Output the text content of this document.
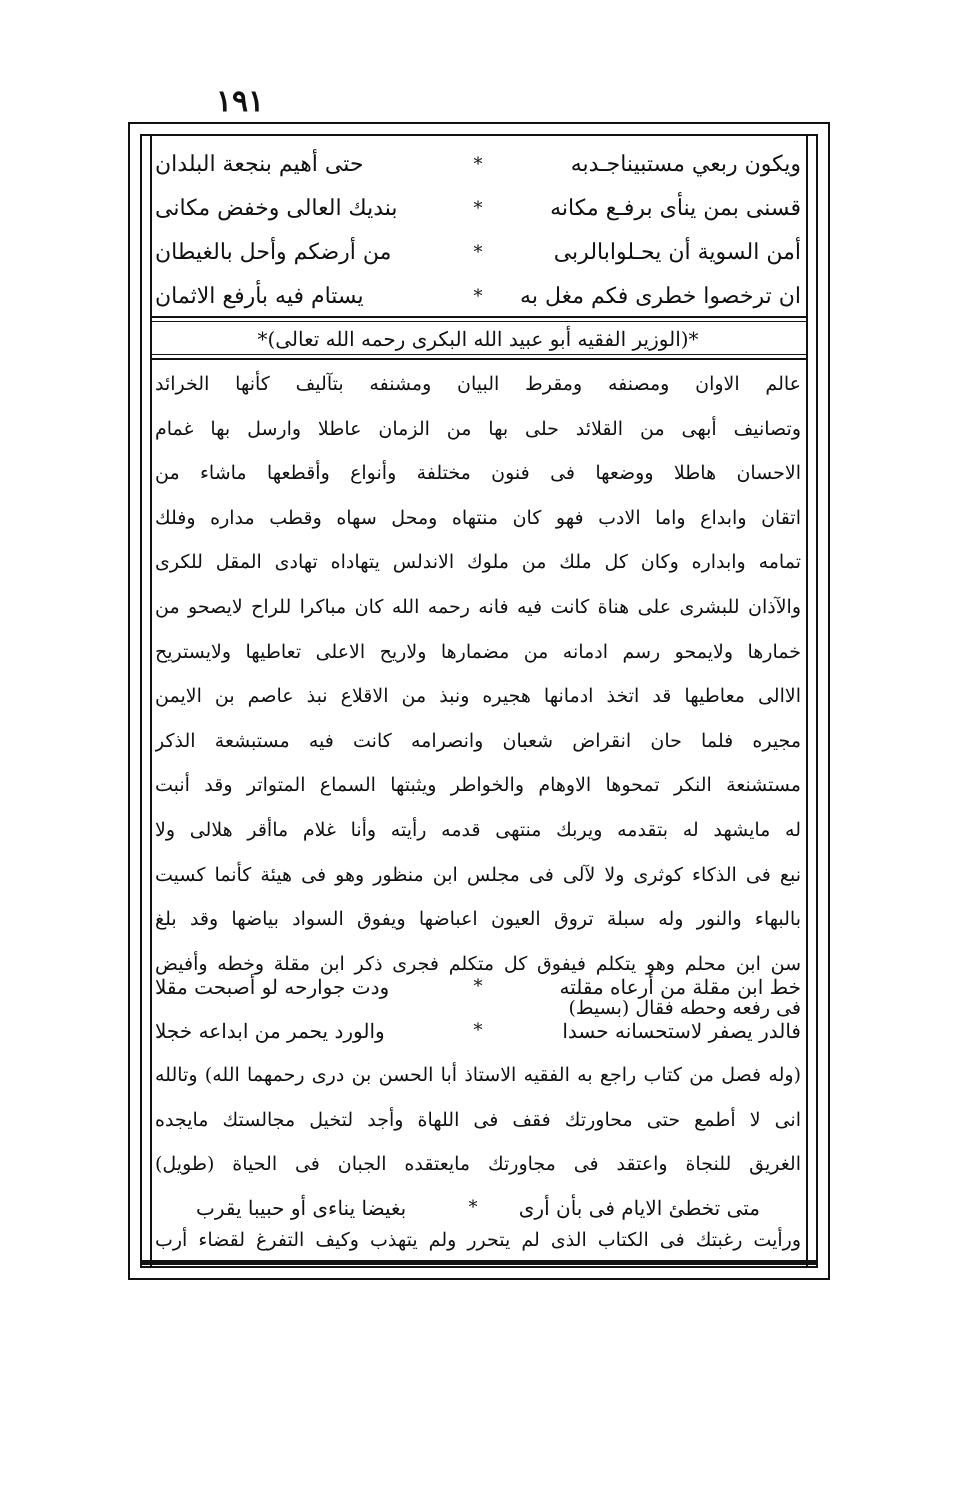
١٩١
ويكون ربعي مستبيناجـدبه
*
حتى أهيم بنجعة البلدان
قسنى بمن ينأى برفـع مكانه
*
بنديك العالى وخفض مكانى
أمن السوية أن يحـلوابالربى
*
من أرضكم وأحل بالغيطان
ان ترخصوا خطرى فكم مغل به
*
يستام فيه بأرفع الاثمان
*(الوزير الفقيه أبو عبيد الله البكرى رحمه الله تعالى)*
عالم الاوان ومصنفه ومقرط البيان ومشنفه بتآليف كأنها الخرائد
وتصانيف أبهى من القلائد حلى بها من الزمان عاطلا وارسل بها غمام
الاحسان هاطلا ووضعها فى فنون مختلفة وأنواع وأقطعها ماشاء من
اتقان وابداع واما الادب فهو كان منتهاه ومحل سهاه وقطب مداره وفلك
تمامه وابداره وكان كل ملك من ملوك الاندلس يتهاداه تهادى المقل للكرى
والآذان للبشرى على هناة كانت فيه فانه رحمه الله كان مباكرا للراح لايصحو من
خمارها ولايمحو رسم ادمانه من مضمارها ولاريح الاعلى تعاطيها ولايستريح
الاالى معاطيها قد اتخذ ادمانها هجيره ونبذ من الاقلاع نبذ عاصم بن الايمن
مجيره فلما حان انقراض شعبان وانصرامه كانت فيه مستبشعة الذكر
مستشنعة النكر تمحوها الاوهام والخواطر ويثبتها السماع المتواتر وقد أنبت
له مايشهد له بتقدمه ويربك منتهى قدمه رأيته وأنا غلام ماأقر هلالى ولا
نبع فى الذكاء كوثرى ولا لآلى فى مجلس ابن منظور وهو فى هيئة كأنما كسيت
بالبهاء والنور وله سبلة تروق العيون اعباضها ويفوق السواد بياضها وقد بلغ
سن ابن محلم وهو يتكلم فيفوق كل متكلم فجرى ذكر ابن مقلة وخطه وأفيض
فى رفعه وحطه فقال (بسيط)
خط ابن مقلة من أرعاه مقلته
*
ودت جوارحه لو أصبحت مقلا
فالدر يصفر لاستحسانه حسدا
*
والورد يحمر من ابداعه خجلا
(وله فصل من كتاب راجع به الفقيه الاستاذ أبا الحسن بن درى رحمهما الله) وتالله
انى لا أطمع حتى محاورتك فقف فى اللهاة وأجد لتخيل مجالستك مايجده
الغريق للنجاة واعتقد فى مجاورتك مايعتقده الجبان فى الحياة (طويل)
متى تخطئ الايام فى بأن أرى
*
بغيضا يناءى أو حبيبا يقرب
ورأيت رغبتك فى الكتاب الذى لم يتحرر ولم يتهذب وكيف التفرغ لقضاء أرب
